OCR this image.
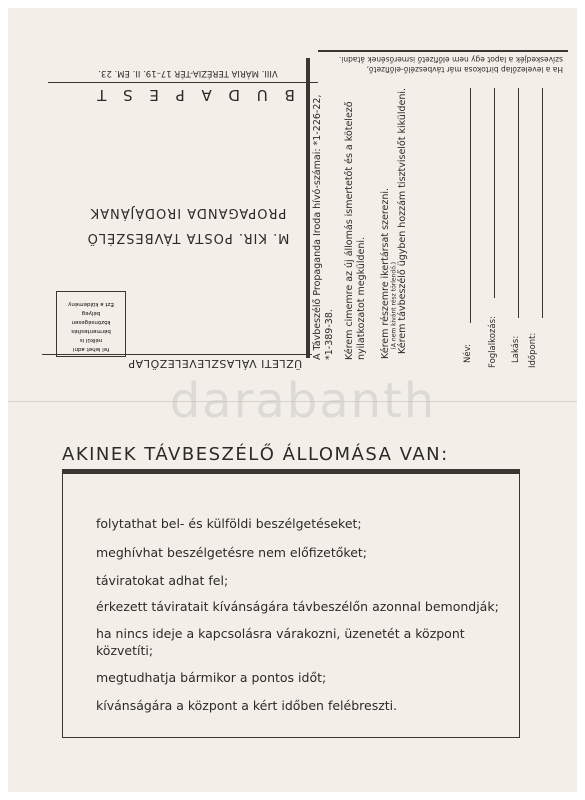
B U D A P E S T
VIII. MÁRIA TERÉZIA-TÉR 17–19. II. EM. 23.
PROPAGANDA IRODÁJÁNAK
M. KIR. POSTA TÁVBESZÉLŐ
fel lehet adni
nélkül is
bérmentesítés
közönségesen
bélyeg
Ezt a küldemény
ÜZLETI VÁLASZLEVELEZŐLAP
Ha a levelezőlap birtokosa már távbeszélő-előfizető, szíveskedjék a lapot egy nem előfizető ismerősének átadni.
A Távbeszélő Propaganda Iroda hívó-számai: *1-226-22, *1-389-38. Kérem cimemre az új állomás ismertetőt és a kötelező nyilatkozatot megküldeni. Kérem részemre ikertársat szerezni. Kérem távbeszélő ügyben hozzám tisztviselőt kiküldeni.
(A nem kivánt rész törlendő.)
Név: Foglalkozás: Lakás: Időpont:
darabanth
AKINEK TÁVBESZÉLŐ ÁLLOMÁSA VAN:
folytathat bel- és külföldi beszélgetéseket;
meghívhat beszélgetésre nem előfizetőket;
táviratokat adhat fel;
érkezett táviratait kívánságára távbeszélőn azonnal bemondják;
ha nincs ideje a kapcsolásra várakozni, üzenetét a központ közvetíti;
megtudhatja bármikor a pontos időt;
kívánságára a központ a kért időben felébreszti.
